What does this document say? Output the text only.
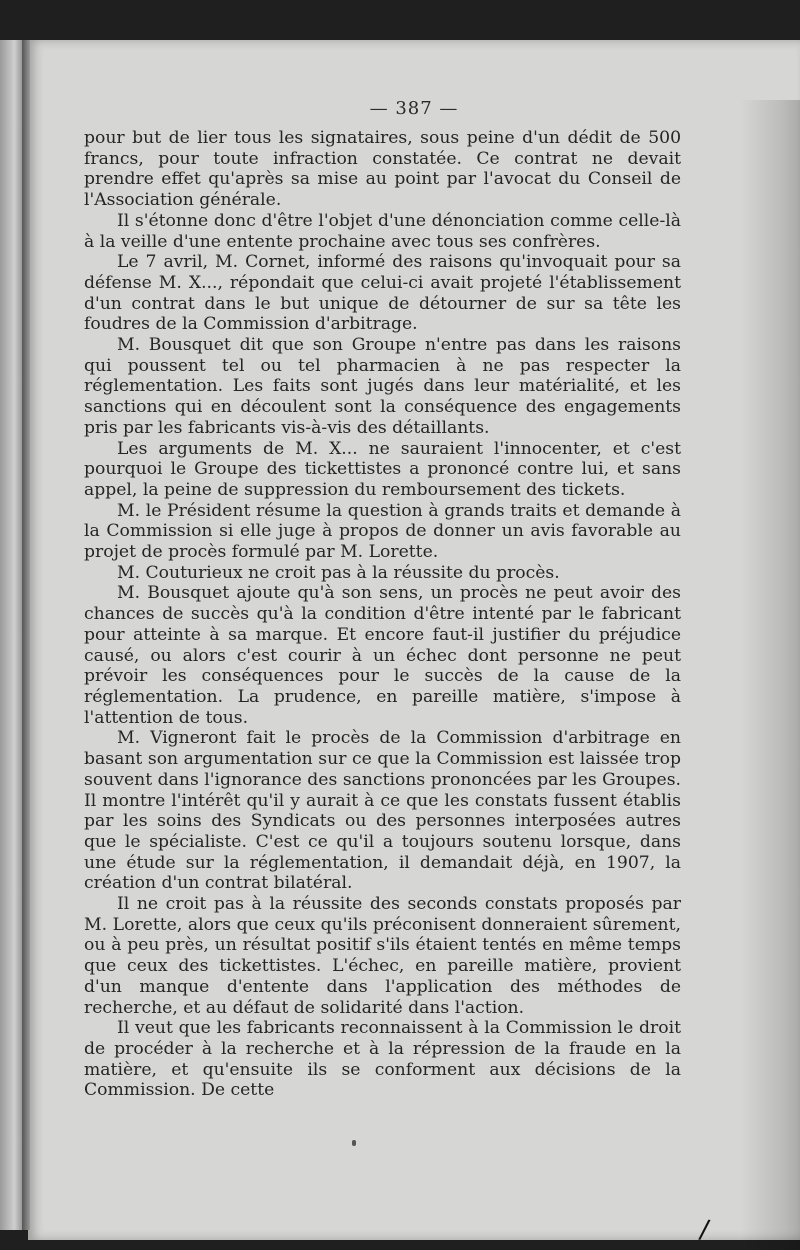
— 387 —

pour but de lier tous les signataires, sous peine d'un dédit de 500 francs, pour toute infraction constatée. Ce contrat ne devait prendre effet qu'après sa mise au point par l'avocat du Conseil de l'Association générale.

Il s'étonne donc d'être l'objet d'une dénonciation comme celle-là à la veille d'une entente prochaine avec tous ses confrères.

Le 7 avril, M. Cornet, informé des raisons qu'invoquait pour sa défense M. X..., répondait que celui-ci avait projeté l'établissement d'un contrat dans le but unique de détourner de sur sa tête les foudres de la Commission d'arbitrage.

M. Bousquet dit que son Groupe n'entre pas dans les raisons qui poussent tel ou tel pharmacien à ne pas respecter la réglementation. Les faits sont jugés dans leur matérialité, et les sanctions qui en découlent sont la conséquence des engagements pris par les fabricants vis-à-vis des détaillants.

Les arguments de M. X... ne sauraient l'innocenter, et c'est pourquoi le Groupe des tickettistes a prononcé contre lui, et sans appel, la peine de suppression du remboursement des tickets.

M. le Président résume la question à grands traits et demande à la Commission si elle juge à propos de donner un avis favorable au projet de procès formulé par M. Lorette.

M. Couturieux ne croit pas à la réussite du procès.

M. Bousquet ajoute qu'à son sens, un procès ne peut avoir des chances de succès qu'à la condition d'être intenté par le fabricant pour atteinte à sa marque. Et encore faut-il justifier du préjudice causé, ou alors c'est courir à un échec dont personne ne peut prévoir les conséquences pour le succès de la cause de la réglementation. La prudence, en pareille matière, s'impose à l'attention de tous.

M. Vigneront fait le procès de la Commission d'arbitrage en basant son argumentation sur ce que la Commission est laissée trop souvent dans l'ignorance des sanctions prononcées par les Groupes. Il montre l'intérêt qu'il y aurait à ce que les constats fussent établis par les soins des Syndicats ou des personnes interposées autres que le spécialiste. C'est ce qu'il a toujours soutenu lorsque, dans une étude sur la réglementation, il demandait déjà, en 1907, la création d'un contrat bilatéral.

Il ne croit pas à la réussite des seconds constats proposés par M. Lorette, alors que ceux qu'ils préconisent donneraient sûrement, ou à peu près, un résultat positif s'ils étaient tentés en même temps que ceux des tickettistes. L'échec, en pareille matière, provient d'un manque d'entente dans l'application des méthodes de recherche, et au défaut de solidarité dans l'action.

Il veut que les fabricants reconnaissent à la Commission le droit de procéder à la recherche et à la répression de la fraude en la matière, et qu'ensuite ils se conforment aux décisions de la Commission. De cette

/
